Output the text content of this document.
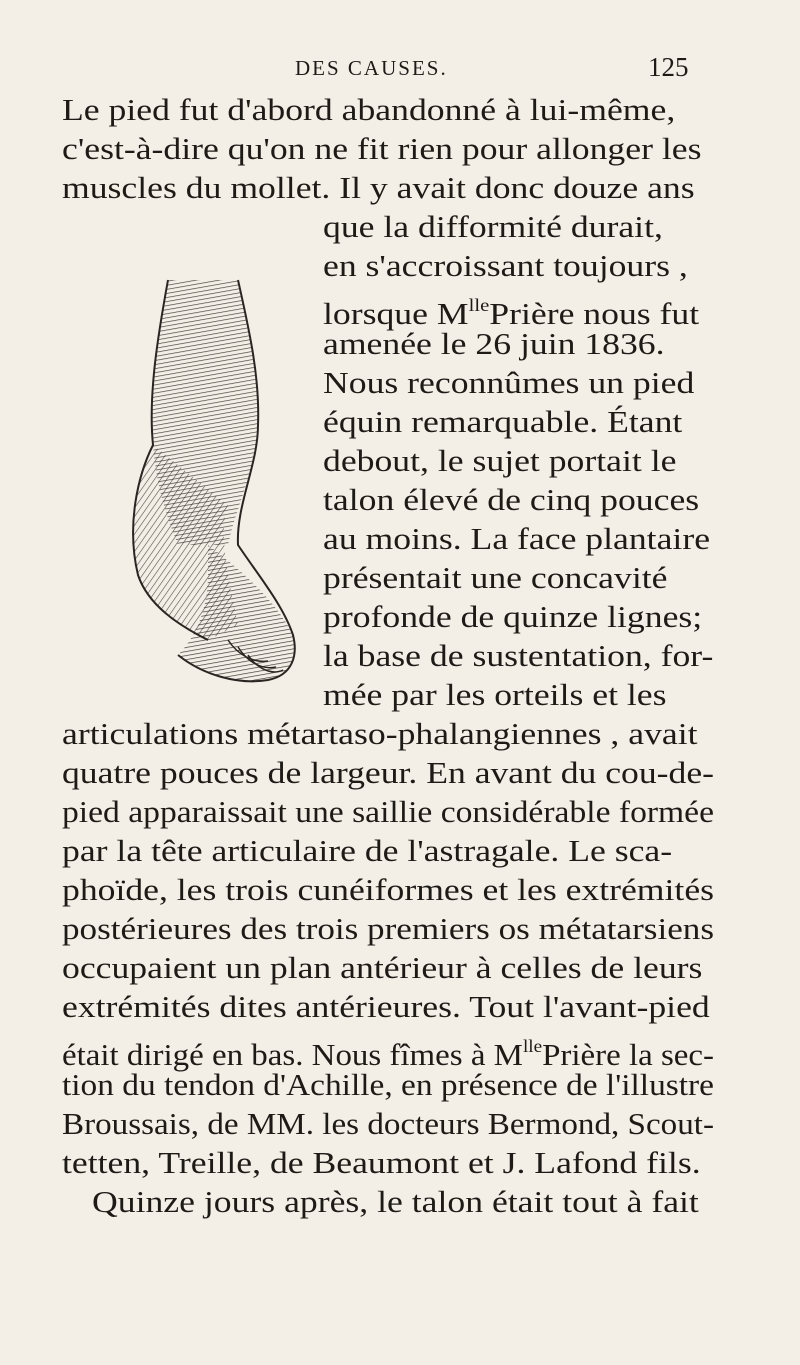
DES CAUSES.	125
Le pied fut d'abord abandonné à lui-même,
c'est-à-dire qu'on ne fit rien pour allonger les
muscles du mollet. Il y avait donc douze ans
que la difformité durait,
en s'accroissant toujours ,
lorsque MllePrière nous fut
amenée le 26 juin 1836.
Nous reconnûmes un pied
équin remarquable. Étant
debout, le sujet portait le
talon élevé de cinq pouces
au moins. La face plantaire
présentait une concavité
profonde de quinze lignes;
la base de sustentation, for-
mée par les orteils et les
articulations métartaso-phalangiennes , avait
quatre pouces de largeur. En avant du cou-de-
pied apparaissait une saillie considérable formée
par la tête articulaire de l'astragale. Le sca-
phoïde, les trois cunéiformes et les extrémités
postérieures des trois premiers os métatarsiens
occupaient un plan antérieur à celles de leurs
extrémités dites antérieures. Tout l'avant-pied
était dirigé en bas. Nous fîmes à MllePrière la sec-
tion du tendon d'Achille, en présence de l'illustre
Broussais, de MM. les docteurs Bermond, Scout-
tetten, Treille, de Beaumont et J. Lafond fils.
Quinze jours après, le talon était tout à fait
